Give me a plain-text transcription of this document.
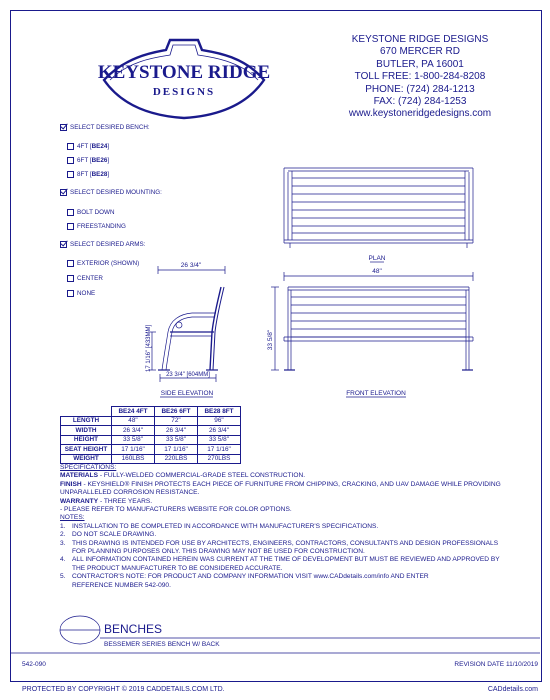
KEYSTONE RIDGE
DESIGNS
KEYSTONE RIDGE DESIGNS
670 MERCER RD
BUTLER, PA 16001
TOLL FREE: 1-800-284-8208
PHONE: (724) 284-1213
FAX: (724) 284-1253
www.keystoneridgedesigns.com
SELECT DESIRED BENCH:
4FT [BE24]
6FT [BE26]
8FT [BE28]
SELECT DESIRED MOUNTING:
BOLT DOWN
FREESTANDING
SELECT DESIRED ARMS:
EXTERIOR (SHOWN)
CENTER
NONE
PLAN
48"
26 3/4"
17 1/16" [433MM]
23 3/4" [604MM]
SIDE ELEVATION
33 5/8"
FRONT ELEVATION
	BE24 4FT	BE26 6FT	BE28 8FT
LENGTH	48"	72"	96"
WIDTH	26 3/4"	26 3/4"	26 3/4"
HEIGHT	33 5/8"	33 5/8"	33 5/8"
SEAT HEIGHT	17 1/16"	17 1/16"	17 1/16"
WEIGHT	160LBS	220LBS	270LBS
SPECIFICATIONS:
MATERIALS - FULLY-WELDED COMMERCIAL-GRADE STEEL CONSTRUCTION.
FINISH - KEYSHIELD® FINISH PROTECTS EACH PIECE OF FURNITURE FROM CHIPPING, CRACKING, AND UAV DAMAGE WHILE PROVIDING
UNPARALLELED CORROSION RESISTANCE.
WARRANTY - THREE YEARS.
- PLEASE REFER TO MANUFACTURERS WEBSITE FOR COLOR OPTIONS.
NOTES:
1. INSTALLATION TO BE COMPLETED IN ACCORDANCE WITH MANUFACTURER'S SPECIFICATIONS.
2. DO NOT SCALE DRAWING.
3. THIS DRAWING IS INTENDED FOR USE BY ARCHITECTS, ENGINEERS, CONTRACTORS, CONSULTANTS AND DESIGN PROFESSIONALS
FOR PLANNING PURPOSES ONLY. THIS DRAWING MAY NOT BE USED FOR CONSTRUCTION.
4. ALL INFORMATION CONTAINED HEREIN WAS CURRENT AT THE TIME OF DEVELOPMENT BUT MUST BE REVIEWED AND APPROVED BY
THE PRODUCT MANUFACTURER TO BE CONSIDERED ACCURATE.
5. CONTRACTOR'S NOTE: FOR PRODUCT AND COMPANY INFORMATION VISIT www.CADdetails.com/info AND ENTER
REFERENCE NUMBER 542-090.
BENCHES
BESSEMER SERIES BENCH W/ BACK
542-090	REVISION DATE 11/10/2019
PROTECTED BY COPYRIGHT © 2019 CADDETAILS.COM LTD.	CADdetails.com
